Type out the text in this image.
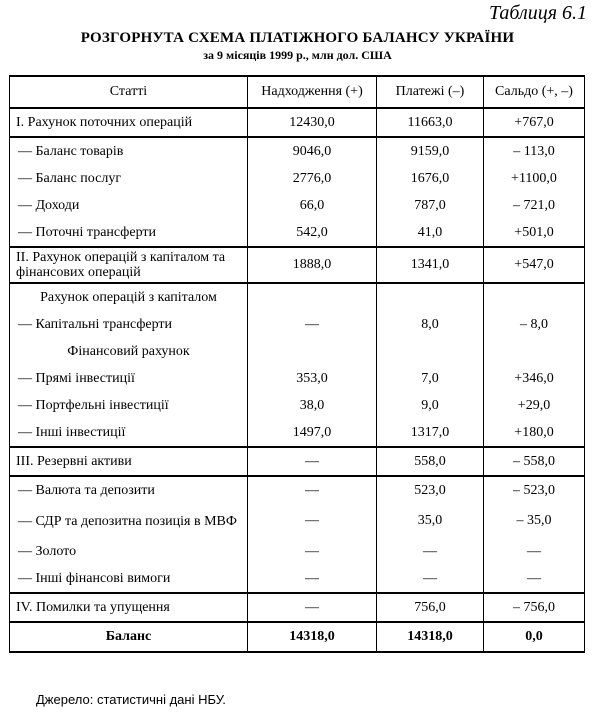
Таблиця 6.1
РОЗГОРНУТА СХЕМА ПЛАТІЖНОГО БАЛАНСУ УКРАЇНИ
за 9 місяців 1999 р., млн дол. США
Статті	Надходження (+)	Платежі (–)	Сальдо (+, –)
I. Рахунок поточних операцій	12430,0	11663,0	+767,0
— Баланс товарів	9046,0	9159,0	– 113,0
— Баланс послуг	2776,0	1676,0	+1100,0
— Доходи	66,0	787,0	– 721,0
— Поточні трансферти	542,0	41,0	+501,0
II. Рахунок операцій з капіталом та фінансових операцій	1888,0	1341,0	+547,0
Рахунок операцій з капіталом			
— Капітальні трансферти	—	8,0	– 8,0
Фінансовий рахунок			
— Прямі інвестиції	353,0	7,0	+346,0
— Портфельні інвестиції	38,0	9,0	+29,0
— Інші інвестиції	1497,0	1317,0	+180,0
III. Резервні активи	—	558,0	– 558,0
— Валюта та депозити	—	523,0	– 523,0
— СДР та депозитна позиція в МВФ	—	35,0	– 35,0
— Золото	—	—	—
— Інші фінансові вимоги	—	—	—
IV. Помилки та упущення	—	756,0	– 756,0
Баланс	14318,0	14318,0	0,0
Джерело: статистичні дані НБУ.
